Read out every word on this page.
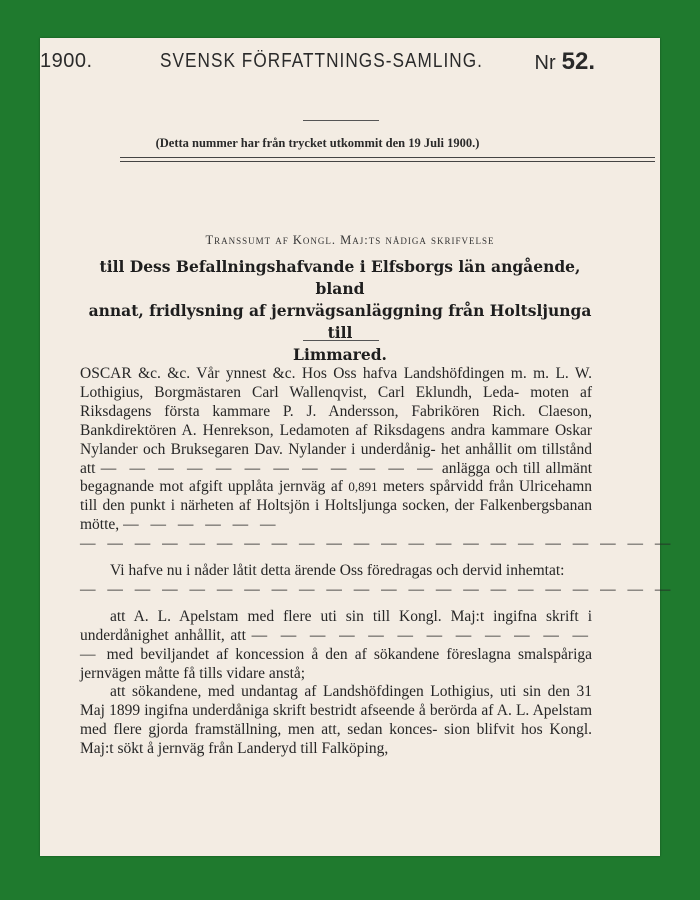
1900.	SVENSK FÖRFATTNINGS-SAMLING.	Nr 52.
(Detta nummer har från trycket utkommit den 19 Juli 1900.)
Transsumt af Kongl. Maj:ts nådiga skrifvelse
till Dess Befallningshafvande i Elfsborgs län angående, bland
annat, fridlysning af jernvägsanläggning från Holtsljunga till
Limmared.

OSCAR &c. &c. Vår ynnest &c. Hos Oss hafva Landshöfdingen m. m. L. W. Lothigius, Borgmästaren Carl Wallenqvist, Carl Eklundh, Leda- moten af Riksdagens första kammare P. J. Andersson, Fabrikören Rich. Claeson, Bankdirektören A. Henrekson, Ledamoten af Riksdagens andra kammare Oskar Nylander och Bruksegaren Dav. Nylander i underdånig- het anhållit om tillstånd att — — — — — — — — — — — — anlägga och till allmänt begagnande mot afgift upplåta jernväg af 0,891 meters spårvidd från Ulricehamn till den punkt i närheten af Holtsjön i Holtsljunga socken, der Falkenbergsbanan mötte, — — — — — —

— — — — — — — — — — — — — — — — — — — — — —

Vi hafve nu i nåder låtit detta ärende Oss föredragas och dervid inhemtat:

— — — — — — — — — — — — — — — — — — — — — —

att A. L. Apelstam med flere uti sin till Kongl. Maj:t ingifna skrift i underdånighet anhållit, att — — — — — — — — — — — — — med beviljandet af koncession å den af sökandene föreslagna smalspåriga jernvägen måtte få tills vidare anstå;

att sökandene, med undantag af Landshöfdingen Lothigius, uti sin den 31 Maj 1899 ingifna underdåniga skrift bestridt afseende å berörda af A. L. Apelstam med flere gjorda framställning, men att, sedan konces- sion blifvit hos Kongl. Maj:t sökt å jernväg från Landeryd till Falköping,
